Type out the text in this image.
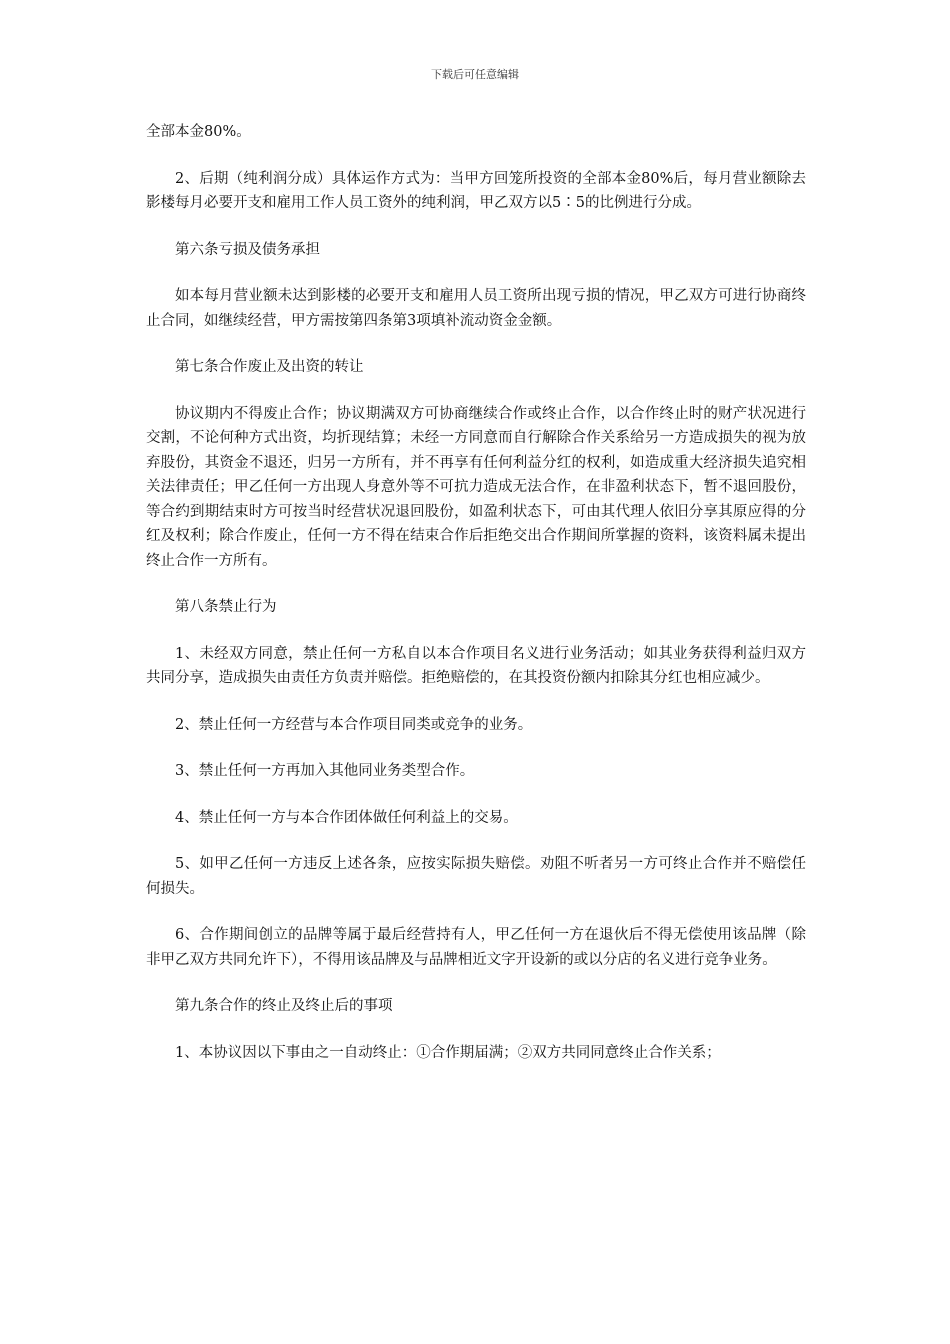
下载后可任意编辑

全部本金80%。

2、后期（纯利润分成）具体运作方式为：当甲方回笼所投资的全部本金80%后，每月营业额除去影楼每月必要开支和雇用工作人员工资外的纯利润，甲乙双方以5∶5的比例进行分成。

第六条亏损及债务承担

如本每月营业额未达到影楼的必要开支和雇用人员工资所出现亏损的情况，甲乙双方可进行协商终止合同，如继续经营，甲方需按第四条第3项填补流动资金金额。

第七条合作废止及出资的转让

协议期内不得废止合作；协议期满双方可协商继续合作或终止合作，以合作终止时的财产状况进行交割，不论何种方式出资，均折现结算；未经一方同意而自行解除合作关系给另一方造成损失的视为放弃股份，其资金不退还，归另一方所有，并不再享有任何利益分红的权利，如造成重大经济损失追究相关法律责任；甲乙任何一方出现人身意外等不可抗力造成无法合作，在非盈利状态下，暂不退回股份，等合约到期结束时方可按当时经营状况退回股份，如盈利状态下，可由其代理人依旧分享其原应得的分红及权利；除合作废止，任何一方不得在结束合作后拒绝交出合作期间所掌握的资料，该资料属未提出终止合作一方所有。

第八条禁止行为

1、未经双方同意，禁止任何一方私自以本合作项目名义进行业务活动；如其业务获得利益归双方共同分享，造成损失由责任方负责并赔偿。拒绝赔偿的，在其投资份额内扣除其分红也相应减少。

2、禁止任何一方经营与本合作项目同类或竞争的业务。

3、禁止任何一方再加入其他同业务类型合作。

4、禁止任何一方与本合作团体做任何利益上的交易。

5、如甲乙任何一方违反上述各条，应按实际损失赔偿。劝阻不听者另一方可终止合作并不赔偿任何损失。

6、合作期间创立的品牌等属于最后经营持有人，甲乙任何一方在退伙后不得无偿使用该品牌（除非甲乙双方共同允许下），不得用该品牌及与品牌相近文字开设新的或以分店的名义进行竞争业务。

第九条合作的终止及终止后的事项

1、本协议因以下事由之一自动终止：①合作期届满；②双方共同同意终止合作关系；
